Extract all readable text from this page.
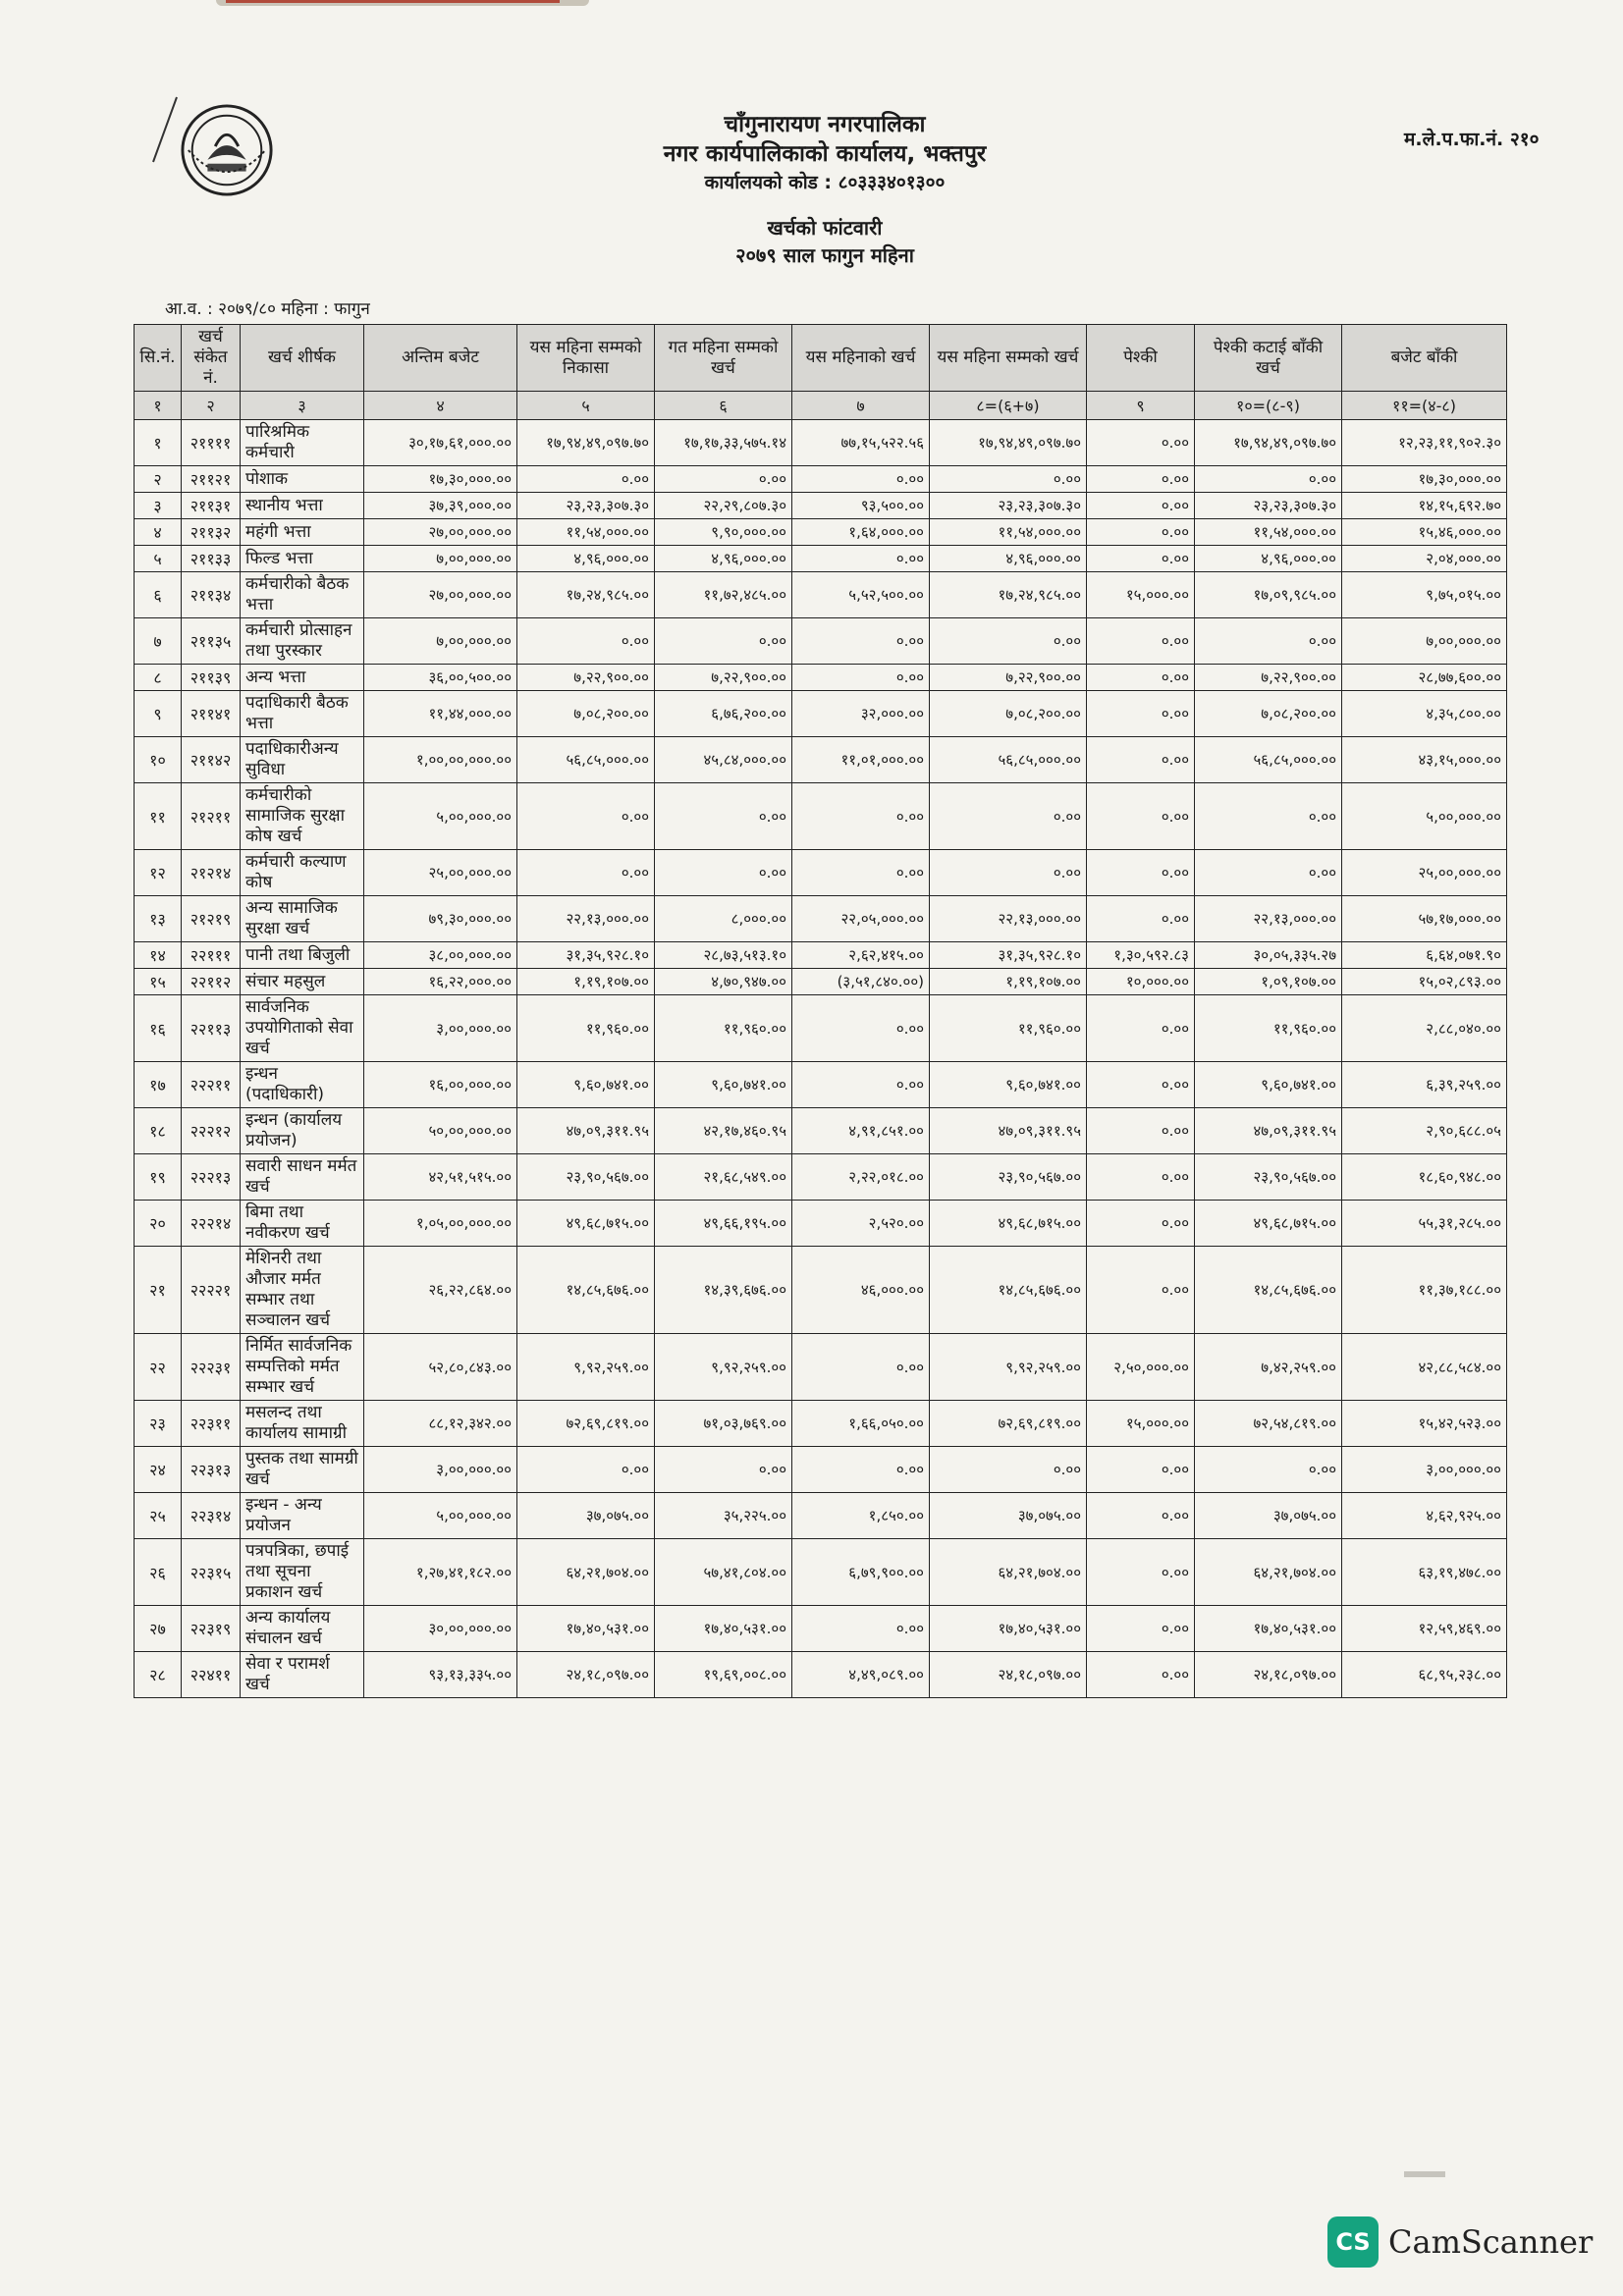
चाँगुनारायण नगरपालिका
नगर कार्यपालिकाको कार्यालय, भक्तपुर
कार्यालयको कोड : ८०३३३४०१३००
म.ले.प.फा.नं. २१०
खर्चको फांटवारी
२०७९ साल फागुन महिना
आ.व. : २०७९/८० महिना : फागुन
सि.नं.	खर्च संकेत नं.	खर्च शीर्षक	अन्तिम बजेट	यस महिना सम्मको निकासा	गत महिना सम्मको खर्च	यस महिनाको खर्च	यस महिना सम्मको खर्च	पेश्की	पेश्की कटाई बाँकी खर्च	बजेट बाँकी
१	२	३	४	५	६	७	८=(६+७)	९	१०=(८-९)	११=(४-८)
१	२११११	पारिश्रमिक कर्मचारी	३०,१७,६१,०००.००	१७,९४,४९,०९७.७०	१७,१७,३३,५७५.१४	७७,१५,५२२.५६	१७,९४,४९,०९७.७०	०.००	१७,९४,४९,०९७.७०	१२,२३,११,९०२.३०
२	२११२१	पोशाक	१७,३०,०००.००	०.००	०.००	०.००	०.००	०.००	०.००	१७,३०,०००.००
३	२११३१	स्थानीय भत्ता	३७,३९,०००.००	२३,२३,३०७.३०	२२,२९,८०७.३०	९३,५००.००	२३,२३,३०७.३०	०.००	२३,२३,३०७.३०	१४,१५,६९२.७०
४	२११३२	महंगी भत्ता	२७,००,०००.००	११,५४,०००.००	९,९०,०००.००	१,६४,०००.००	११,५४,०००.००	०.००	११,५४,०००.००	१५,४६,०००.००
५	२११३३	फिल्ड भत्ता	७,००,०००.००	४,९६,०००.००	४,९६,०००.००	०.००	४,९६,०००.००	०.००	४,९६,०००.००	२,०४,०००.००
६	२११३४	कर्मचारीको बैठक भत्ता	२७,००,०००.००	१७,२४,९८५.००	११,७२,४८५.००	५,५२,५००.००	१७,२४,९८५.००	१५,०००.००	१७,०९,९८५.००	९,७५,०१५.००
७	२११३५	कर्मचारी प्रोत्साहन तथा पुरस्कार	७,००,०००.००	०.००	०.००	०.००	०.००	०.००	०.००	७,००,०००.००
८	२११३९	अन्य भत्ता	३६,००,५००.००	७,२२,९००.००	७,२२,९००.००	०.००	७,२२,९००.००	०.००	७,२२,९००.००	२८,७७,६००.००
९	२११४१	पदाधिकारी बैठक भत्ता	११,४४,०००.००	७,०८,२००.००	६,७६,२००.००	३२,०००.००	७,०८,२००.००	०.००	७,०८,२००.००	४,३५,८००.००
१०	२११४२	पदाधिकारीअन्य सुविधा	१,००,००,०००.००	५६,८५,०००.००	४५,८४,०००.००	११,०१,०००.००	५६,८५,०००.००	०.००	५६,८५,०००.००	४३,१५,०००.००
११	२१२११	कर्मचारीको सामाजिक सुरक्षा कोष खर्च	५,००,०००.००	०.००	०.००	०.००	०.००	०.००	०.००	५,००,०००.००
१२	२१२१४	कर्मचारी कल्याण कोष	२५,००,०००.००	०.००	०.००	०.००	०.००	०.००	०.००	२५,००,०००.००
१३	२१२१९	अन्य सामाजिक सुरक्षा खर्च	७९,३०,०००.००	२२,१३,०००.००	८,०००.००	२२,०५,०००.००	२२,१३,०००.००	०.००	२२,१३,०००.००	५७,१७,०००.००
१४	२२१११	पानी तथा बिजुली	३८,००,०००.००	३१,३५,९२८.१०	२८,७३,५१३.१०	२,६२,४१५.००	३१,३५,९२८.१०	१,३०,५९२.८३	३०,०५,३३५.२७	६,६४,०७१.९०
१५	२२११२	संचार महसुल	१६,२२,०००.००	१,१९,१०७.००	४,७०,९४७.००	(३,५१,८४०.००)	१,१९,१०७.००	१०,०००.००	१,०९,१०७.००	१५,०२,८९३.००
१६	२२११३	सार्वजनिक उपयोगिताको सेवा खर्च	३,००,०००.००	११,९६०.००	११,९६०.००	०.००	११,९६०.००	०.००	११,९६०.००	२,८८,०४०.००
१७	२२२११	इन्धन (पदाधिकारी)	१६,००,०००.००	९,६०,७४१.००	९,६०,७४१.००	०.००	९,६०,७४१.००	०.००	९,६०,७४१.००	६,३९,२५९.००
१८	२२२१२	इन्धन (कार्यालय प्रयोजन)	५०,००,०००.००	४७,०९,३११.९५	४२,१७,४६०.९५	४,९१,८५१.००	४७,०९,३११.९५	०.००	४७,०९,३११.९५	२,९०,६८८.०५
१९	२२२१३	सवारी साधन मर्मत खर्च	४२,५१,५१५.००	२३,९०,५६७.००	२१,६८,५४९.००	२,२२,०१८.००	२३,९०,५६७.००	०.००	२३,९०,५६७.००	१८,६०,९४८.००
२०	२२२१४	बिमा तथा नवीकरण खर्च	१,०५,००,०००.००	४९,६८,७१५.००	४९,६६,१९५.००	२,५२०.००	४९,६८,७१५.००	०.००	४९,६८,७१५.००	५५,३१,२८५.००
२१	२२२२१	मेशिनरी तथा औजार मर्मत सम्भार तथा सञ्चालन खर्च	२६,२२,८६४.००	१४,८५,६७६.००	१४,३९,६७६.००	४६,०००.००	१४,८५,६७६.००	०.००	१४,८५,६७६.००	११,३७,१८८.००
२२	२२२३१	निर्मित सार्वजनिक सम्पत्तिको मर्मत सम्भार खर्च	५२,८०,८४३.००	९,९२,२५९.००	९,९२,२५९.००	०.००	९,९२,२५९.००	२,५०,०००.००	७,४२,२५९.००	४२,८८,५८४.००
२३	२२३११	मसलन्द तथा कार्यालय सामाग्री	८८,१२,३४२.००	७२,६९,८१९.००	७१,०३,७६९.००	१,६६,०५०.००	७२,६९,८१९.००	१५,०००.००	७२,५४,८१९.००	१५,४२,५२३.००
२४	२२३१३	पुस्तक तथा सामग्री खर्च	३,००,०००.००	०.००	०.००	०.००	०.००	०.००	०.००	३,००,०००.००
२५	२२३१४	इन्धन - अन्य प्रयोजन	५,००,०००.००	३७,०७५.००	३५,२२५.००	१,८५०.००	३७,०७५.००	०.००	३७,०७५.००	४,६२,९२५.००
२६	२२३१५	पत्रपत्रिका, छपाई तथा सूचना प्रकाशन खर्च	१,२७,४१,१८२.००	६४,२१,७०४.००	५७,४१,८०४.००	६,७९,९००.००	६४,२१,७०४.००	०.००	६४,२१,७०४.००	६३,१९,४७८.००
२७	२२३१९	अन्य कार्यालय संचालन खर्च	३०,००,०००.००	१७,४०,५३१.००	१७,४०,५३१.००	०.००	१७,४०,५३१.००	०.००	१७,४०,५३१.००	१२,५९,४६९.००
२८	२२४११	सेवा र परामर्श खर्च	९३,१३,३३५.००	२४,१८,०९७.००	१९,६९,००८.००	४,४९,०८९.००	२४,१८,०९७.००	०.००	२४,१८,०९७.००	६८,९५,२३८.००
CS CamScanner
